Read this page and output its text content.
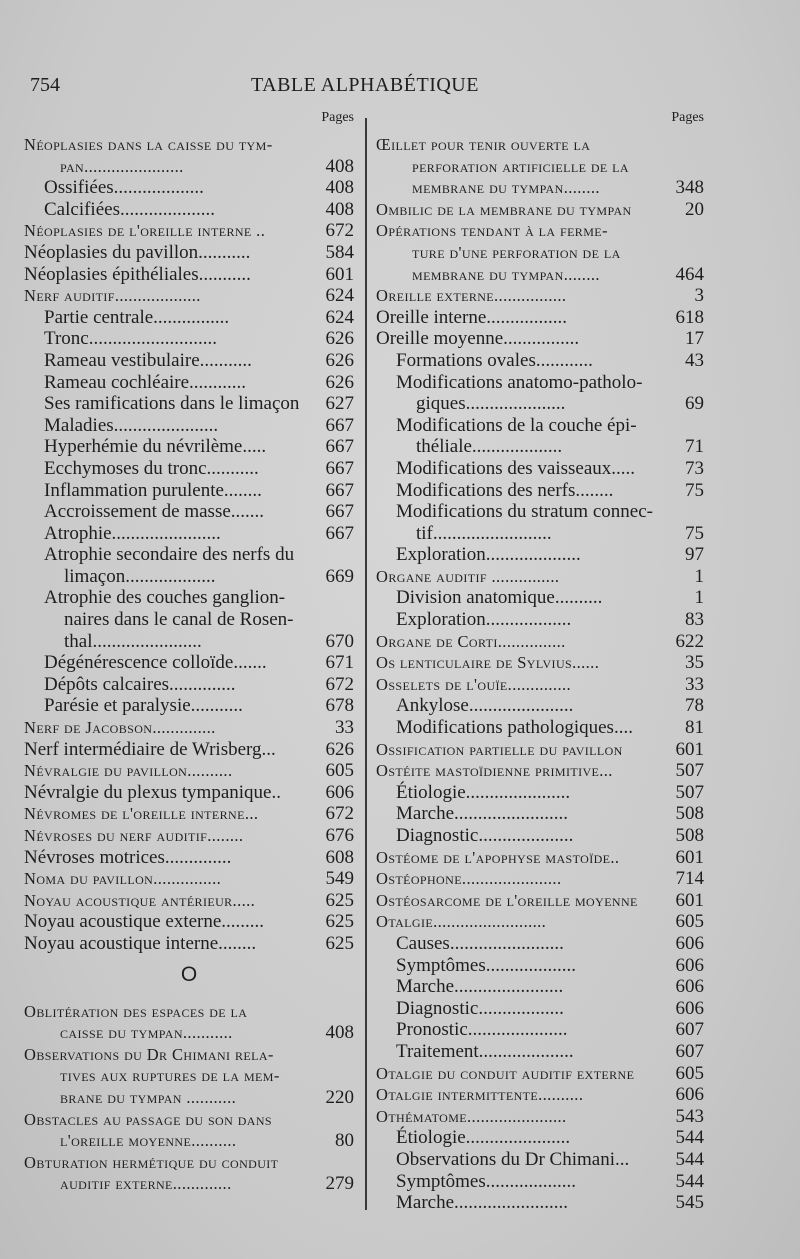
754	TABLE ALPHABÉTIQUE
Pages
Néoplasies dans la caisse du tym-
pan......................	408
Ossifiées...................	408
Calcifiées....................	408
Néoplasies de l'oreille interne ..	672
Néoplasies du pavillon...........	584
Néoplasies épithéliales...........	601
Nerf auditif...................	624
Partie centrale................	624
Tronc...........................	626
Rameau vestibulaire...........	626
Rameau cochléaire............	626
Ses ramifications dans le limaçon	627
Maladies......................	667
Hyperhémie du névrilème.....	667
Ecchymoses du tronc...........	667
Inflammation purulente........	667
Accroissement de masse.......	667
Atrophie.......................	667
Atrophie secondaire des nerfs du
limaçon...................	669
Atrophie des couches ganglion-
naires dans le canal de Rosen-
thal.......................	670
Dégénérescence colloïde.......	671
Dépôts calcaires..............	672
Parésie et paralysie...........	678
Nerf de Jacobson..............	33
Nerf intermédiaire de Wrisberg...	626
Névralgie du pavillon..........	605
Névralgie du plexus tympanique..	606
Névromes de l'oreille interne...	672
Névroses du nerf auditif........	676
Névroses motrices..............	608
Noma du pavillon...............	549
Noyau acoustique antérieur.....	625
Noyau acoustique externe.........	625
Noyau acoustique interne........	625
O
Oblitération des espaces de la
caisse du tympan...........	408
Observations du Dr Chimani rela-
tives aux ruptures de la mem-
brane du tympan ...........	220
Obstacles au passage du son dans
l'oreille moyenne..........	80
Obturation hermétique du conduit
auditif externe.............	279
Pages
Œillet pour tenir ouverte la
perforation artificielle de la
membrane du tympan........	348
Ombilic de la membrane du tympan	20
Opérations tendant à la ferme-
ture d'une perforation de la
membrane du tympan........	464
Oreille externe................	3
Oreille interne.................	618
Oreille moyenne................	17
Formations ovales............	43
Modifications anatomo-patholo-
giques.....................	69
Modifications de la couche épi-
théliale...................	71
Modifications des vaisseaux.....	73
Modifications des nerfs........	75
Modifications du stratum connec-
tif.........................	75
Exploration....................	97
Organe auditif ...............	1
Division anatomique..........	1
Exploration..................	83
Organe de Corti...............	622
Os lenticulaire de Sylvius......	35
Osselets de l'ouïe..............	33
Ankylose......................	78
Modifications pathologiques....	81
Ossification partielle du pavillon	601
Ostéite mastoïdienne primitive...	507
Étiologie......................	507
Marche........................	508
Diagnostic....................	508
Ostéome de l'apophyse mastoïde..	601
Ostéophone......................	714
Ostéosarcome de l'oreille moyenne	601
Otalgie.........................	605
Causes........................	606
Symptômes...................	606
Marche.......................	606
Diagnostic..................	606
Pronostic.....................	607
Traitement....................	607
Otalgie du conduit auditif externe	605
Otalgie intermittente..........	606
Othématome......................	543
Étiologie......................	544
Observations du Dr Chimani...	544
Symptômes...................	544
Marche........................	545
